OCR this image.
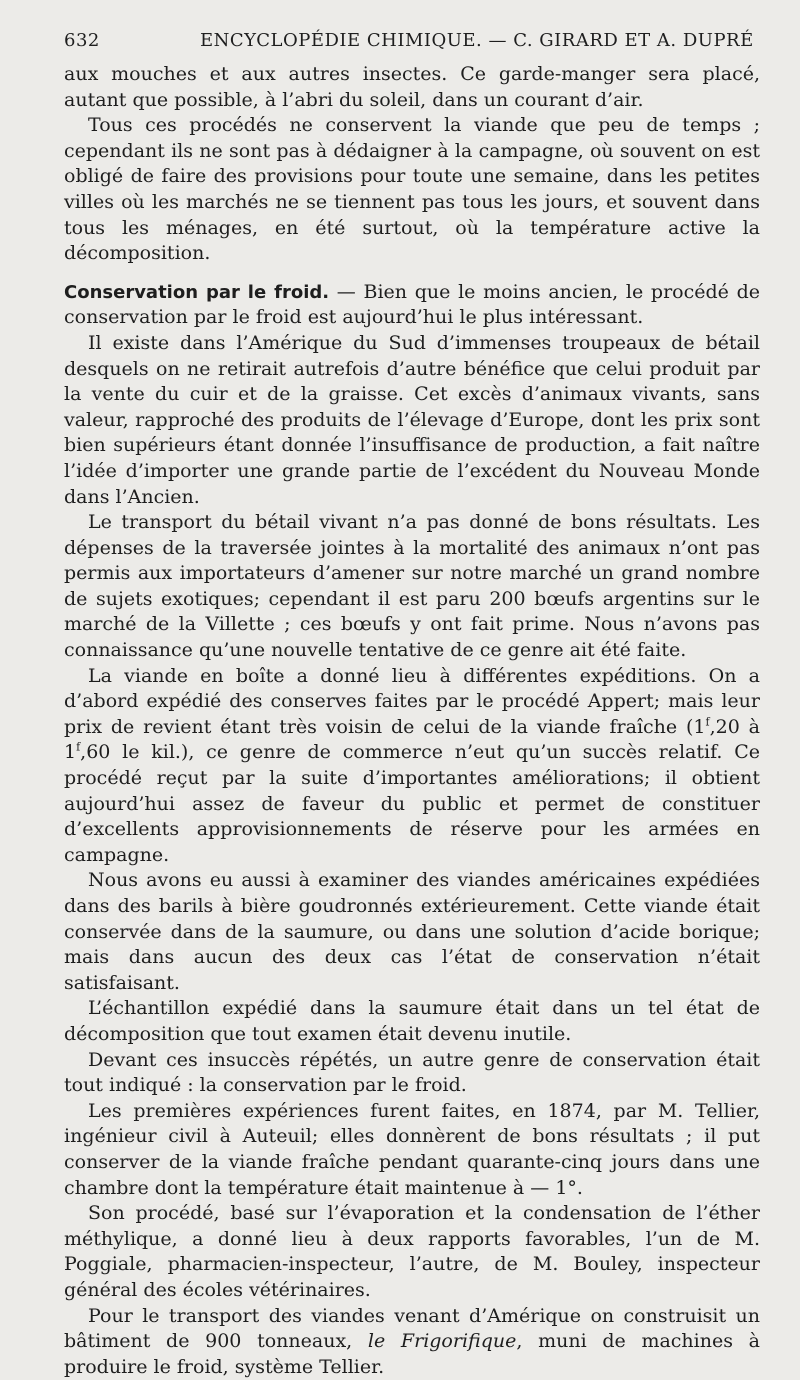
632	ENCYCLOPÉDIE CHIMIQUE. — C. GIRARD ET A. DUPRÉ

aux mouches et aux autres insectes. Ce garde-manger sera placé, autant que possible, à l’abri du soleil, dans un courant d’air.

Tous ces procédés ne conservent la viande que peu de temps ; cependant ils ne sont pas à dédaigner à la campagne, où souvent on est obligé de faire des provisions pour toute une semaine, dans les petites villes où les marchés ne se tiennent pas tous les jours, et souvent dans tous les ménages, en été surtout, où la température active la décomposition.

Conservation par le froid. — Bien que le moins ancien, le procédé de conservation par le froid est aujourd’hui le plus intéressant.

Il existe dans l’Amérique du Sud d’immenses troupeaux de bétail desquels on ne retirait autrefois d’autre bénéfice que celui produit par la vente du cuir et de la graisse. Cet excès d’animaux vivants, sans valeur, rapproché des produits de l’élevage d’Europe, dont les prix sont bien supérieurs étant donnée l’insuffisance de production, a fait naître l’idée d’importer une grande partie de l’excédent du Nouveau Monde dans l’Ancien.

Le transport du bétail vivant n’a pas donné de bons résultats. Les dépenses de la traversée jointes à la mortalité des animaux n’ont pas permis aux importateurs d’amener sur notre marché un grand nombre de sujets exotiques; cependant il est paru 200 bœufs argentins sur le marché de la Villette ; ces bœufs y ont fait prime. Nous n’avons pas connaissance qu’une nouvelle tentative de ce genre ait été faite.

La viande en boîte a donné lieu à différentes expéditions. On a d’abord expédié des conserves faites par le procédé Appert; mais leur prix de revient étant très voisin de celui de la viande fraîche (1$^f$,20 à 1$^f$,60 le kil.), ce genre de commerce n’eut qu’un succès relatif. Ce procédé reçut par la suite d’importantes améliorations; il obtient aujourd’hui assez de faveur du public et permet de constituer d’excellents approvisionnements de réserve pour les armées en campagne.

Nous avons eu aussi à examiner des viandes américaines expédiées dans des barils à bière goudronnés extérieurement. Cette viande était conservée dans de la saumure, ou dans une solution d’acide borique; mais dans aucun des deux cas l’état de conservation n’était satisfaisant.

L’échantillon expédié dans la saumure était dans un tel état de décomposition que tout examen était devenu inutile.

Devant ces insuccès répétés, un autre genre de conservation était tout indiqué : la conservation par le froid.

Les premières expériences furent faites, en 1874, par M. Tellier, ingénieur civil à Auteuil; elles donnèrent de bons résultats ; il put conserver de la viande fraîche pendant quarante-cinq jours dans une chambre dont la température était maintenue à — 1°.

Son procédé, basé sur l’évaporation et la condensation de l’éther méthylique, a donné lieu à deux rapports favorables, l’un de M. Poggiale, pharmacien-inspecteur, l’autre, de M. Bouley, inspecteur général des écoles vétérinaires.

Pour le transport des viandes venant d’Amérique on construisit un bâtiment de 900 tonneaux, le Frigorifique, muni de machines à produire le froid, système Tellier.
